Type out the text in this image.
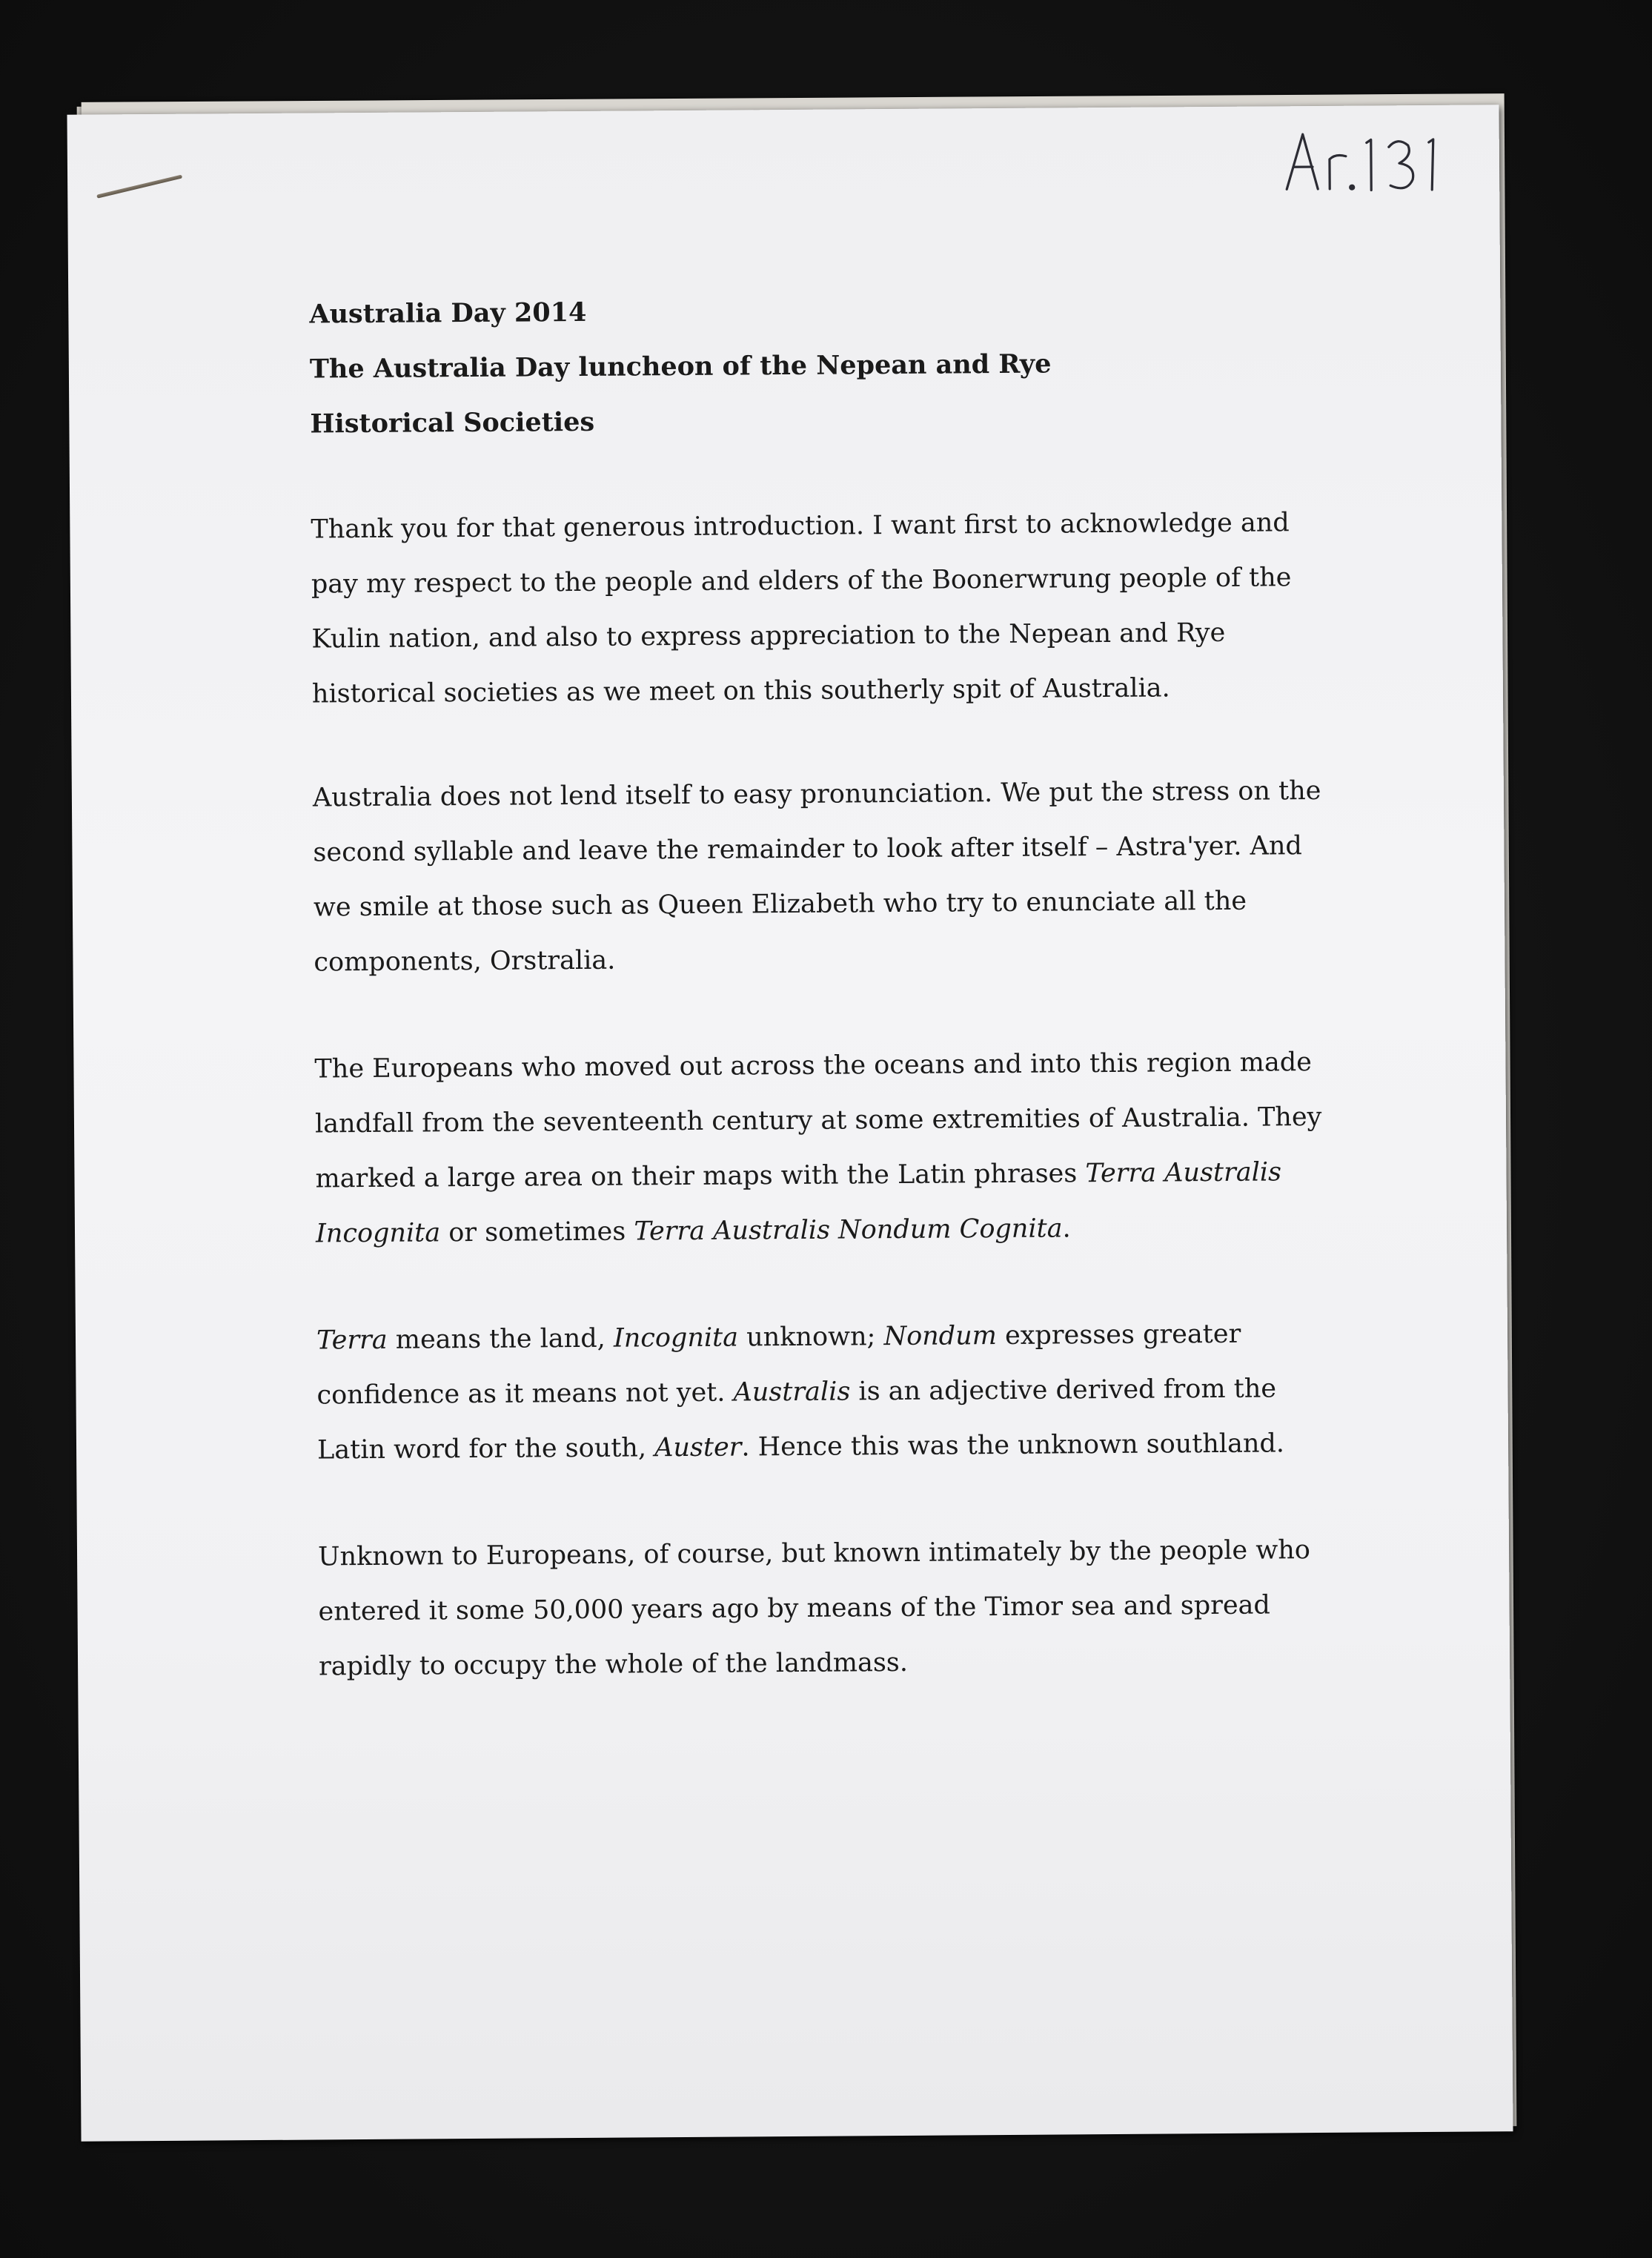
Australia Day 2014

The Australia Day luncheon of the Nepean and Rye Historical Societies

Thank you for that generous introduction. I want first to acknowledge and pay my respect to the people and elders of the Boonerwrung people of the Kulin nation, and also to express appreciation to the Nepean and Rye historical societies as we meet on this southerly spit of Australia.

Australia does not lend itself to easy pronunciation. We put the stress on the second syllable and leave the remainder to look after itself – Astra'yer. And we smile at those such as Queen Elizabeth who try to enunciate all the components, Orstralia.

The Europeans who moved out across the oceans and into this region made landfall from the seventeenth century at some extremities of Australia. They marked a large area on their maps with the Latin phrases Terra Australis Incognita or sometimes Terra Australis Nondum Cognita.

Terra means the land, Incognita unknown; Nondum expresses greater confidence as it means not yet. Australis is an adjective derived from the Latin word for the south, Auster. Hence this was the unknown southland.

Unknown to Europeans, of course, but known intimately by the people who entered it some 50,000 years ago by means of the Timor sea and spread rapidly to occupy the whole of the landmass.
